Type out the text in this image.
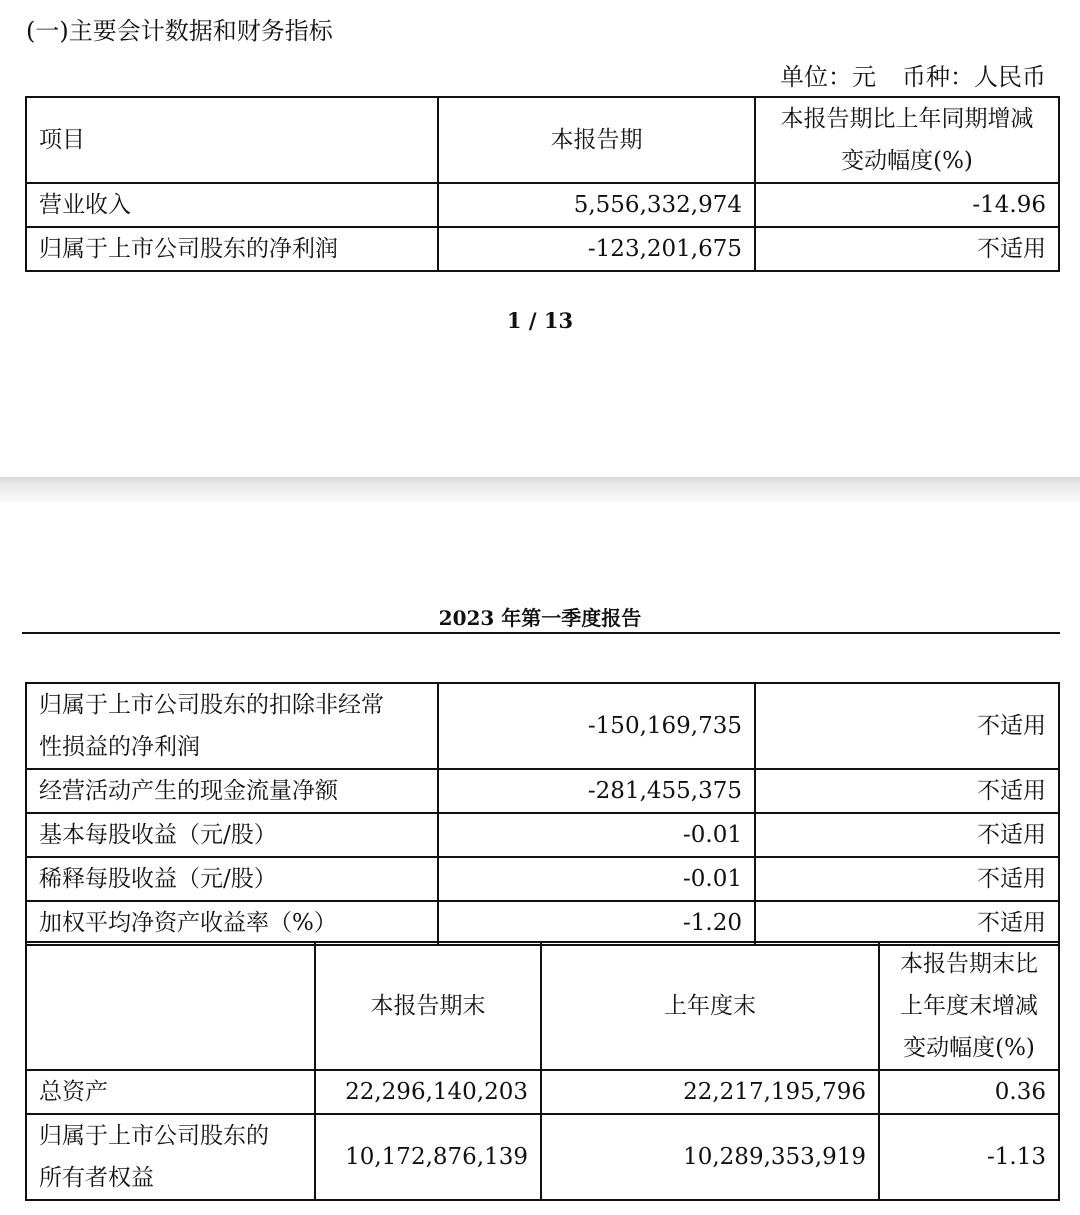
(一)主要会计数据和财务指标
单位：元 币种：人民币
项目	本报告期	本报告期比上年同期增减
变动幅度(%)
营业收入	5,556,332,974	-14.96
归属于上市公司股东的净利润	-123,201,675	不适用
1 / 13
2023 年第一季度报告
归属于上市公司股东的扣除非经常
性损益的净利润	-150,169,735	不适用
经营活动产生的现金流量净额	-281,455,375	不适用
基本每股收益（元/股）	-0.01	不适用
稀释每股收益（元/股）	-0.01	不适用
加权平均净资产收益率（%）	-1.20	不适用
	本报告期末	上年度末	本报告期末比
上年度末增减
变动幅度(%)
总资产	22,296,140,203	22,217,195,796	0.36
归属于上市公司股东的
所有者权益	10,172,876,139	10,289,353,919	-1.13
